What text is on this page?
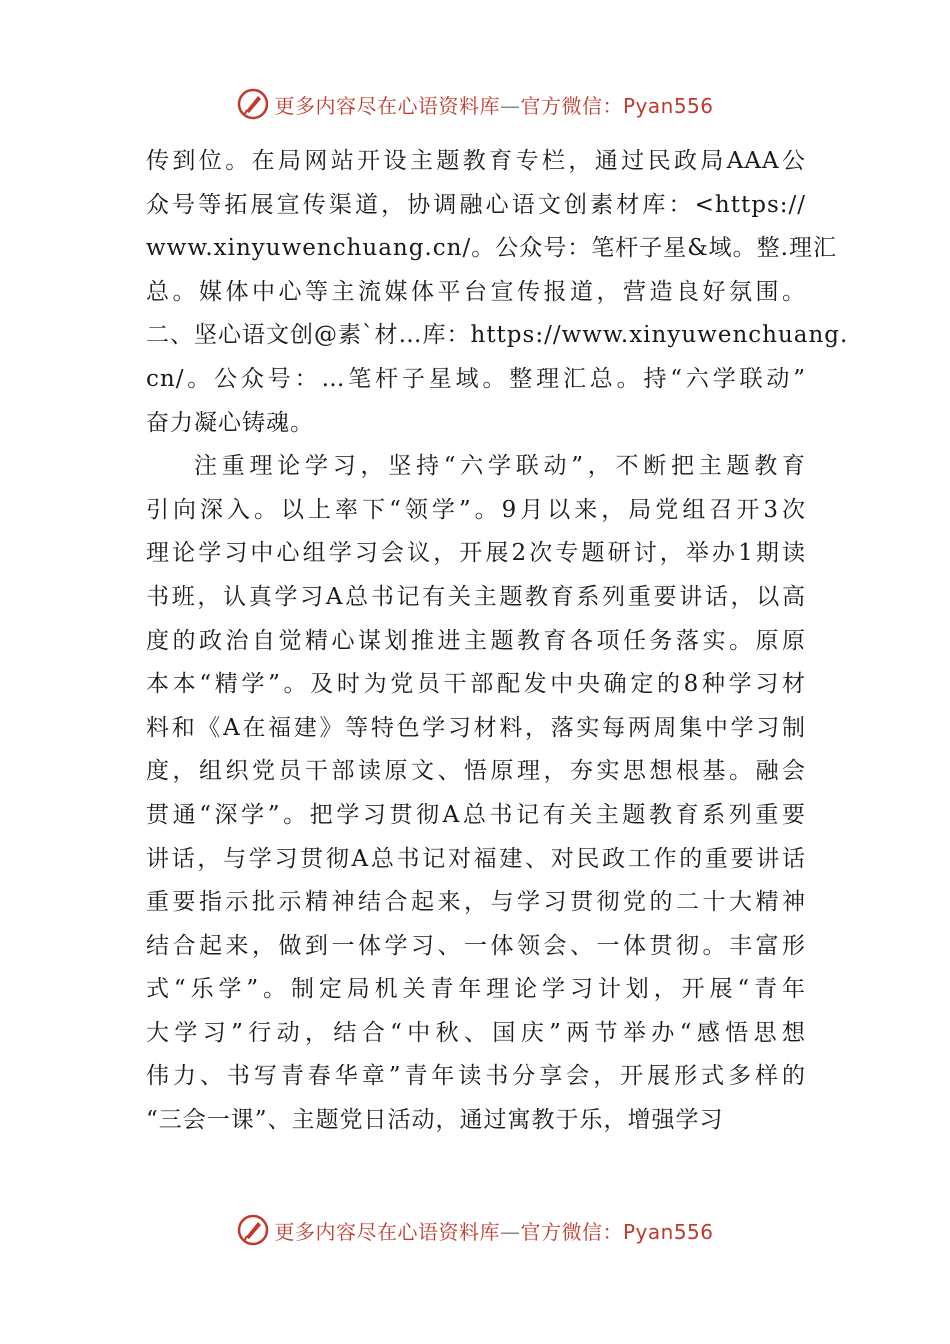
更多内容尽在心语资料库—官方微信：Pyan556
传到位。在局网站开设主题教育专栏，通过民政局AAA公
众号等拓展宣传渠道，协调融心语文创素材库：<https://
www.xinyuwenchuang.cn/。公众号：笔杆子星&域。整.理汇
总。媒体中心等主流媒体平台宣传报道，营造良好氛围。
二、坚心语文创@素`材…库：https://www.xinyuwenchuang.
cn/。公众号：…笔杆子星域。整理汇总。持“六学联动”
奋力凝心铸魂。
注重理论学习，坚持“六学联动”，不断把主题教育
引向深入。以上率下“领学”。9月以来，局党组召开3次
理论学习中心组学习会议，开展2次专题研讨，举办1期读
书班，认真学习A总书记有关主题教育系列重要讲话，以高
度的政治自觉精心谋划推进主题教育各项任务落实。原原
本本“精学”。及时为党员干部配发中央确定的8种学习材
料和《A在福建》等特色学习材料，落实每两周集中学习制
度，组织党员干部读原文、悟原理，夯实思想根基。融会
贯通“深学”。把学习贯彻A总书记有关主题教育系列重要
讲话，与学习贯彻A总书记对福建、对民政工作的重要讲话
重要指示批示精神结合起来，与学习贯彻党的二十大精神
结合起来，做到一体学习、一体领会、一体贯彻。丰富形
式“乐学”。制定局机关青年理论学习计划，开展“青年
大学习”行动，结合“中秋、国庆”两节举办“感悟思想
伟力、书写青春华章”青年读书分享会，开展形式多样的
“三会一课”、主题党日活动，通过寓教于乐，增强学习
更多内容尽在心语资料库—官方微信：Pyan556
